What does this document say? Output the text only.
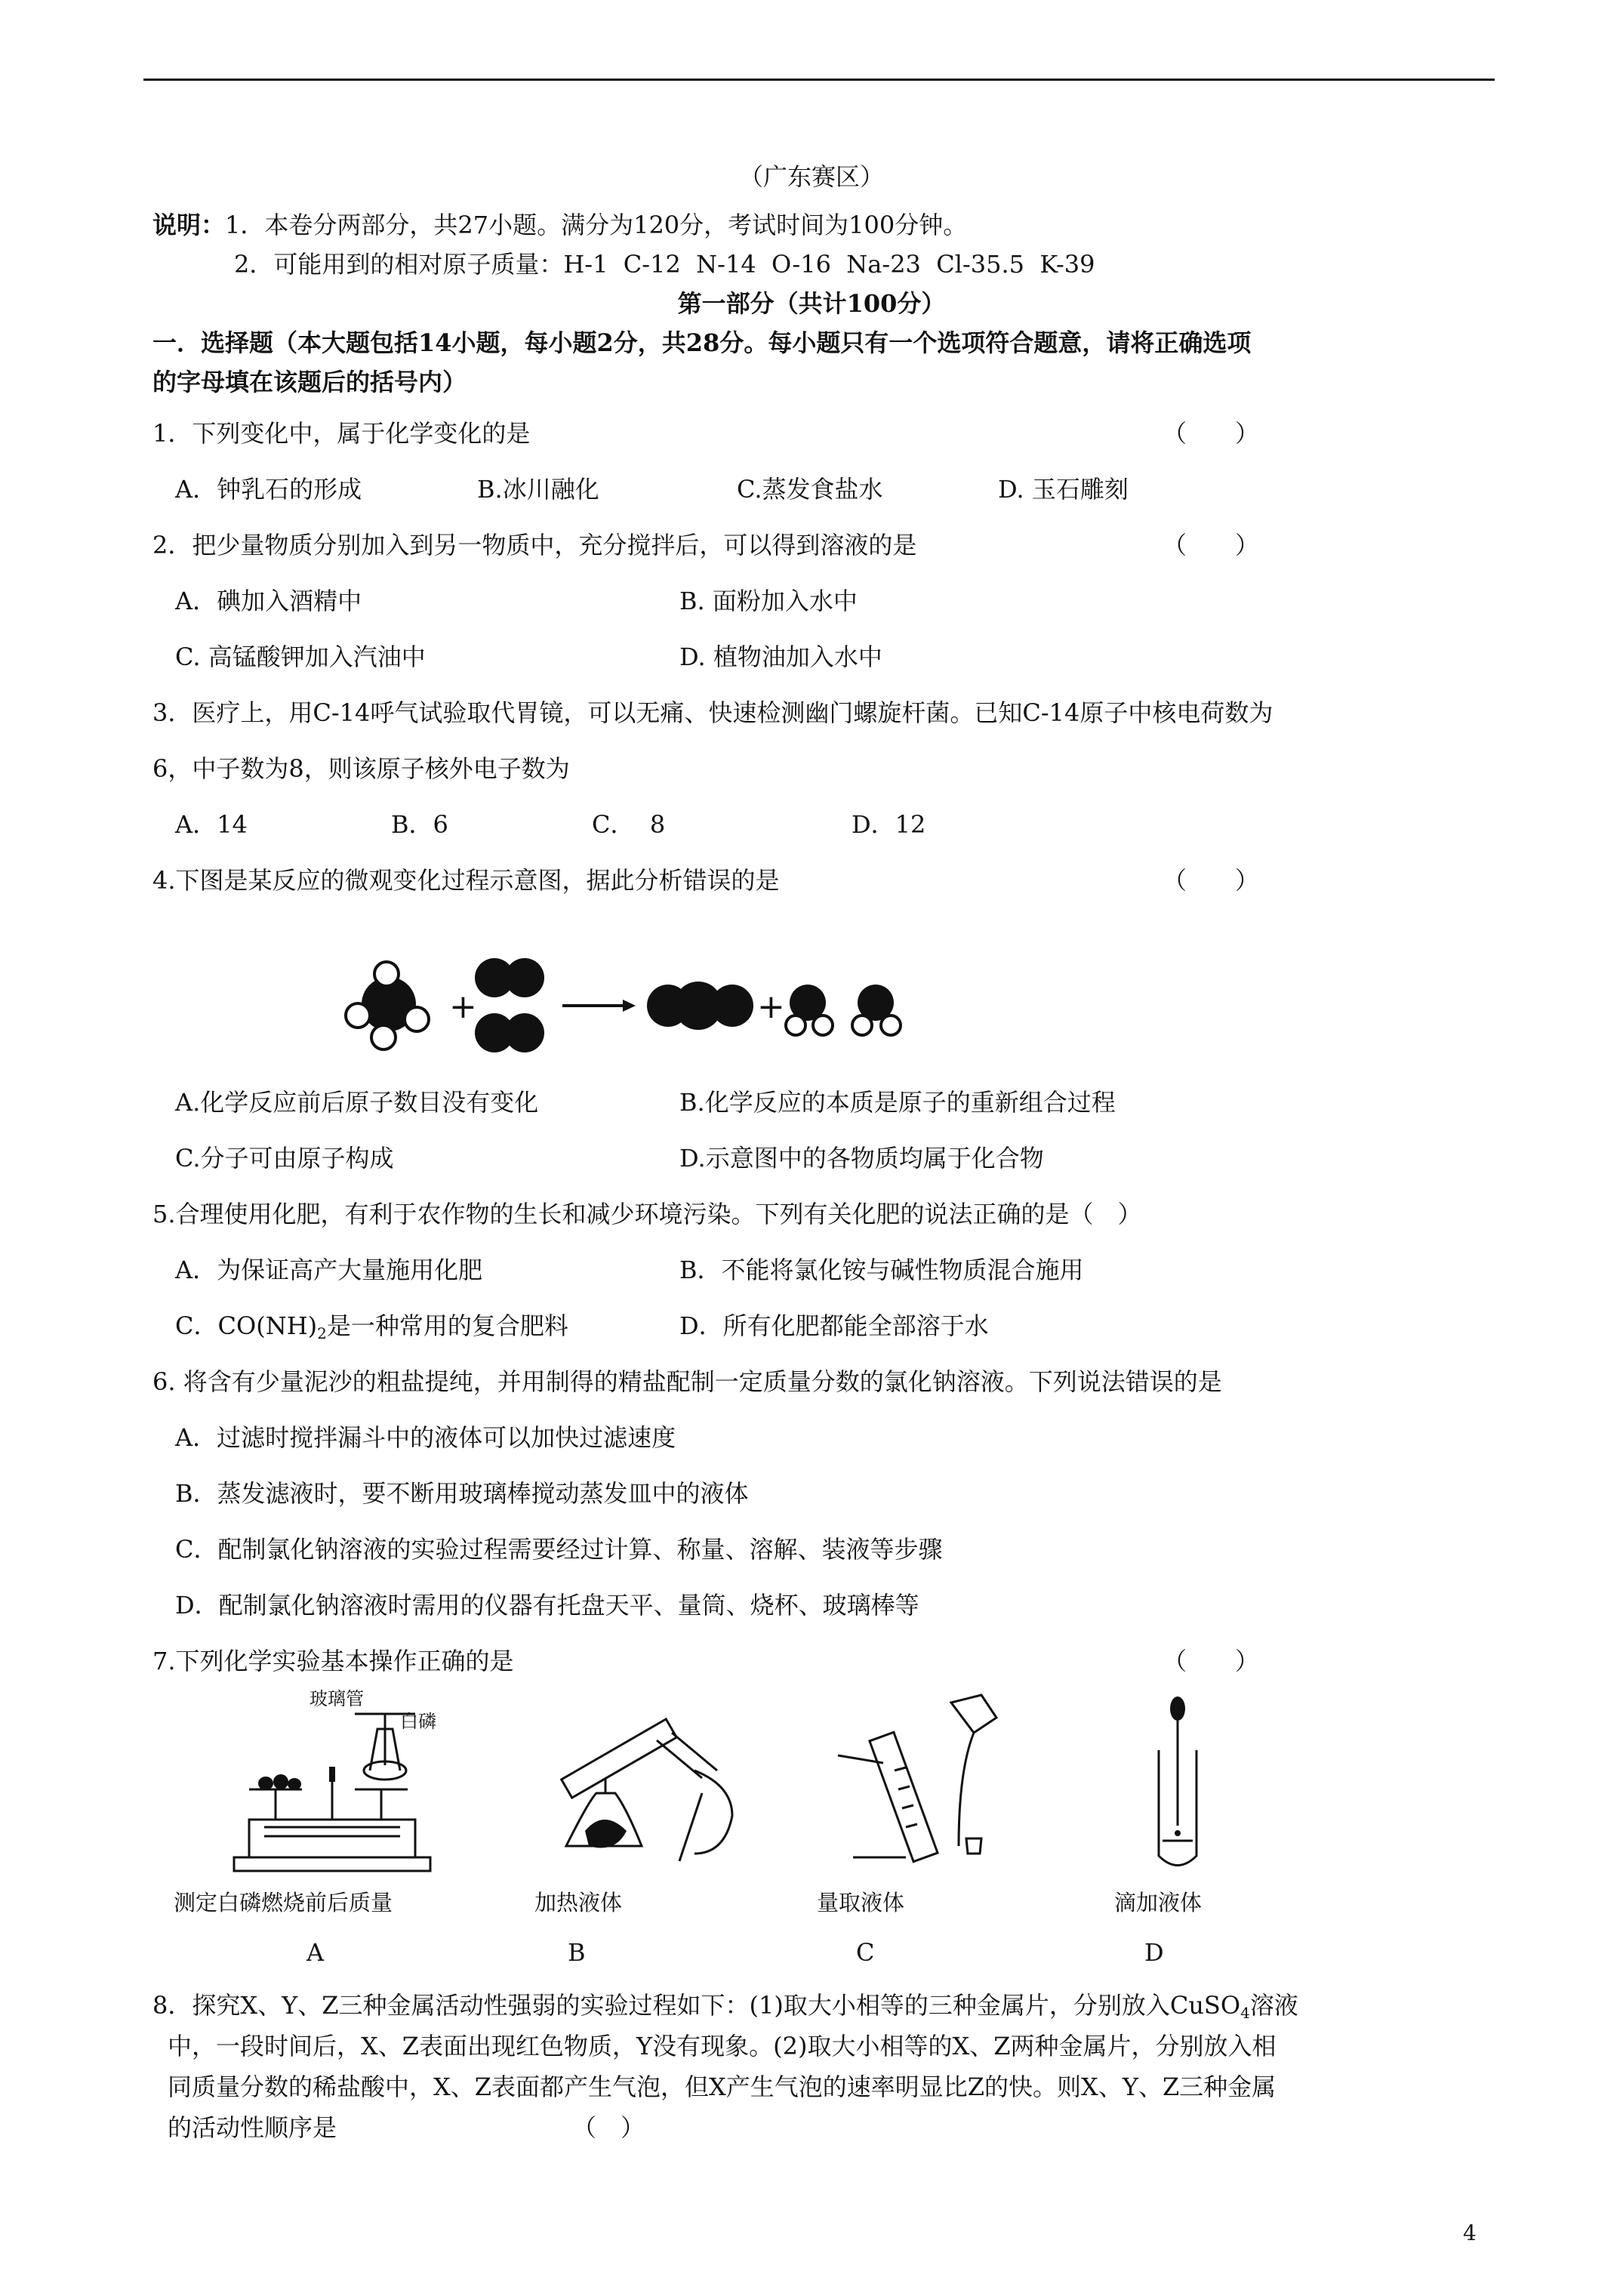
（广东赛区）
说明： 1．本卷分两部分，共27小题。满分为120分，考试时间为100分钟。
2．可能用到的相对原子质量：H-1  C-12  N-14  O-16  Na-23  Cl-35.5  K-39
第一部分（共计100分）
一．选择题（本大题包括14小题，每小题2分，共28分。每小题只有一个选项符合题意，请将正确选项
的字母填在该题后的括号内）
1．下列变化中，属于化学变化的是	（　　）
A．钟乳石的形成	B.冰川融化	C.蒸发食盐水	D. 玉石雕刻
2．把少量物质分别加入到另一物质中，充分搅拌后，可以得到溶液的是	（　　）
A．碘加入酒精中	B. 面粉加入水中
C. 高锰酸钾加入汽油中	D. 植物油加入水中
3．医疗上，用C-14呼气试验取代胃镜，可以无痛、快速检测幽门螺旋杆菌。已知C-14原子中核电荷数为
6，中子数为8，则该原子核外电子数为
A．14	B．6	C．  8	D．12
4.下图是某反应的微观变化过程示意图，据此分析错误的是	（　　）
+	+
A.化学反应前后原子数目没有变化	B.化学反应的本质是原子的重新组合过程
C.分子可由原子构成	D.示意图中的各物质均属于化合物
5.合理使用化肥，有利于农作物的生长和减少环境污染。下列有关化肥的说法正确的是（　）
A．为保证高产大量施用化肥	B．不能将氯化铵与碱性物质混合施用
C．$CO(NH)_2$是一种常用的复合肥料	D．所有化肥都能全部溶于水
6. 将含有少量泥沙的粗盐提纯，并用制得的精盐配制一定质量分数的氯化钠溶液。下列说法错误的是
A．过滤时搅拌漏斗中的液体可以加快过滤速度
B．蒸发滤液时，要不断用玻璃棒搅动蒸发皿中的液体
C．配制氯化钠溶液的实验过程需要经过计算、称量、溶解、装液等步骤
D．配制氯化钠溶液时需用的仪器有托盘天平、量筒、烧杯、玻璃棒等
7.下列化学实验基本操作正确的是	（　　）
玻璃管
白磷
测定白磷燃烧前后质量	加热液体	量取液体	滴加液体
A	B	C	D
8．探究X、Y、Z三种金属活动性强弱的实验过程如下：(1)取大小相等的三种金属片，分别放入CuSO$_4$溶液
中，一段时间后，X、Z表面出现红色物质，Y没有现象。(2)取大小相等的X、Z两种金属片，分别放入相
同质量分数的稀盐酸中，X、Z表面都产生气泡，但X产生气泡的速率明显比Z的快。则X、Y、Z三种金属
的活动性顺序是	（　）
4
